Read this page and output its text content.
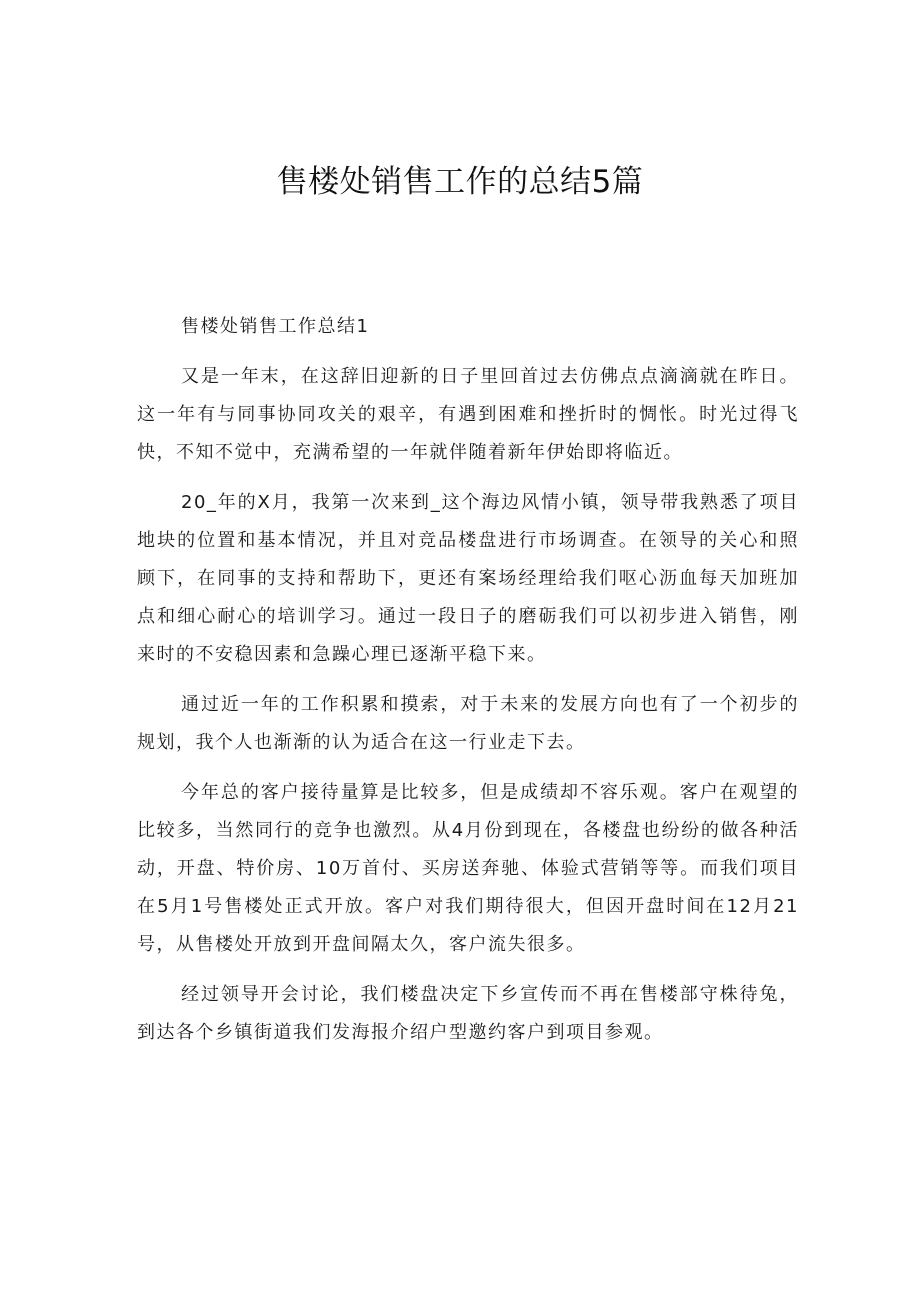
售楼处销售工作的总结5篇

售楼处销售工作总结1

又是一年末，在这辞旧迎新的日子里回首过去仿佛点点滴滴就在昨日。这一年有与同事协同攻关的艰辛，有遇到困难和挫折时的惆怅。时光过得飞快，不知不觉中，充满希望的一年就伴随着新年伊始即将临近。

20_年的X月，我第一次来到_这个海边风情小镇，领导带我熟悉了项目地块的位置和基本情况，并且对竞品楼盘进行市场调查。在领导的关心和照顾下，在同事的支持和帮助下，更还有案场经理给我们呕心沥血每天加班加点和细心耐心的培训学习。通过一段日子的磨砺我们可以初步进入销售，刚来时的不安稳因素和急躁心理已逐渐平稳下来。

通过近一年的工作积累和摸索，对于未来的发展方向也有了一个初步的规划，我个人也渐渐的认为适合在这一行业走下去。

今年总的客户接待量算是比较多，但是成绩却不容乐观。客户在观望的比较多，当然同行的竞争也激烈。从4月份到现在，各楼盘也纷纷的做各种活动，开盘、特价房、10万首付、买房送奔驰、体验式营销等等。而我们项目在5月1号售楼处正式开放。客户对我们期待很大，但因开盘时间在12月21号，从售楼处开放到开盘间隔太久，客户流失很多。

经过领导开会讨论，我们楼盘决定下乡宣传而不再在售楼部守株待兔，到达各个乡镇街道我们发海报介绍户型邀约客户到项目参观。
